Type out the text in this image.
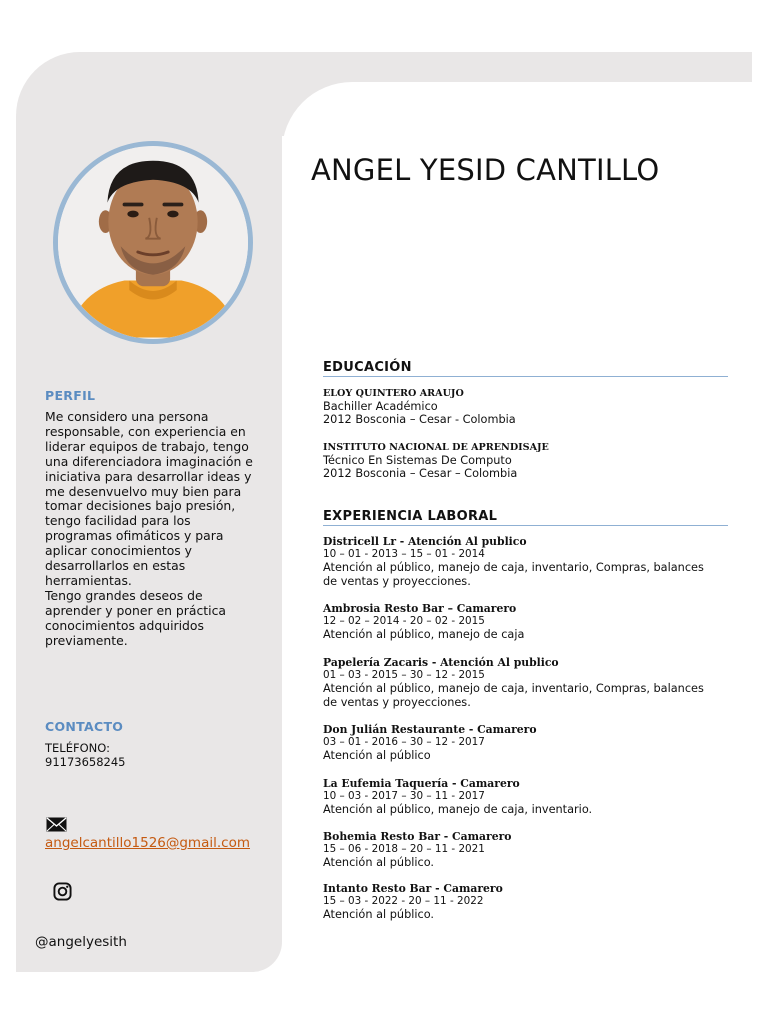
ANGEL YESID CANTILLO
PERFIL

Me considero una persona
responsable, con experiencia en
liderar equipos de trabajo, tengo
una diferenciadora imaginación e
iniciativa para desarrollar ideas y
me desenvuelvo muy bien para
tomar decisiones bajo presión,
tengo facilidad para los
programas ofimáticos y para
aplicar conocimientos y
desarrollarlos en estas
herramientas.
Tengo grandes deseos de
aprender y poner en práctica
conocimientos adquiridos
previamente.

CONTACTO
TELÉFONO:
91173658245
angelcantillo1526@gmail.com
@angelyesith
EDUCACIÓN
ELOY QUINTERO ARAUJO
Bachiller Académico
2012 Bosconia – Cesar - Colombia
INSTITUTO NACIONAL DE APRENDISAJE
Técnico En Sistemas De Computo
2012 Bosconia – Cesar – Colombia
EXPERIENCIA LABORAL
Districell Lr - Atención Al publico
10 – 01 - 2013 – 15 – 01 - 2014
Atención al público, manejo de caja, inventario, Compras, balances
de ventas y proyecciones.
Ambrosia Resto Bar – Camarero
12 – 02 – 2014 - 20 – 02 - 2015
Atención al público, manejo de caja
Papelería Zacaris - Atención Al publico
01 – 03 - 2015 – 30 – 12 - 2015
Atención al público, manejo de caja, inventario, Compras, balances
de ventas y proyecciones.
Don Julián Restaurante - Camarero
03 – 01 - 2016 – 30 – 12 - 2017
Atención al público
La Eufemia Taquería - Camarero
10 – 03 - 2017 – 30 – 11 - 2017
Atención al público, manejo de caja, inventario.
Bohemia Resto Bar - Camarero
15 – 06 - 2018 – 20 – 11 - 2021
Atención al público.
Intanto Resto Bar - Camarero
15 – 03 - 2022 - 20 – 11 - 2022
Atención al público.
